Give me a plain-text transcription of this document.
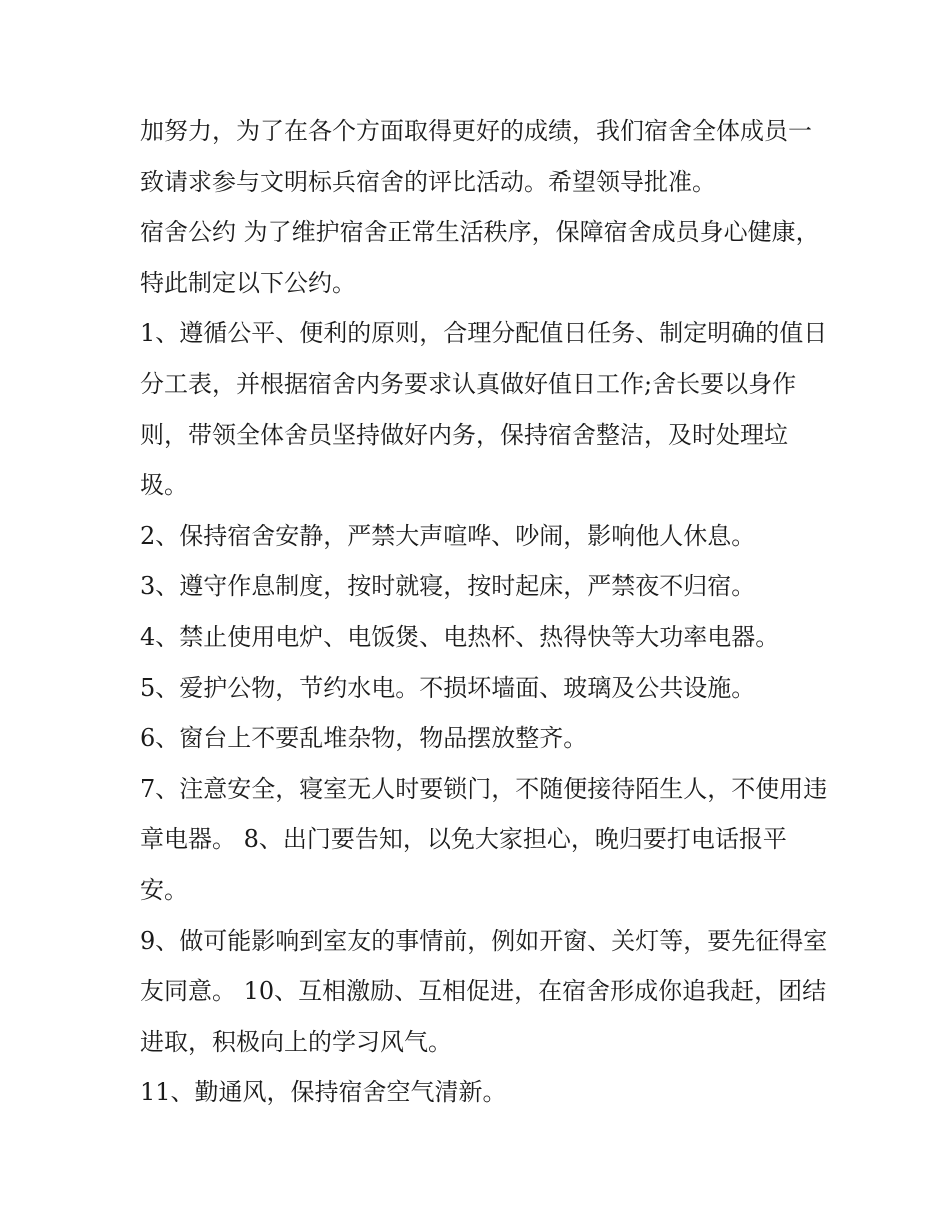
加努力，为了在各个方面取得更好的成绩，我们宿舍全体成员一致请求参与文明标兵宿舍的评比活动。希望领导批准。

宿舍公约 为了维护宿舍正常生活秩序，保障宿舍成员身心健康，特此制定以下公约。

1、遵循公平、便利的原则，合理分配值日任务、制定明确的值日分工表，并根据宿舍内务要求认真做好值日工作;舍长要以身作则，带领全体舍员坚持做好内务，保持宿舍整洁，及时处理垃圾。

2、保持宿舍安静，严禁大声喧哗、吵闹，影响他人休息。

3、遵守作息制度，按时就寝，按时起床，严禁夜不归宿。

4、禁止使用电炉、电饭煲、电热杯、热得快等大功率电器。

5、爱护公物，节约水电。不损坏墙面、玻璃及公共设施。

6、窗台上不要乱堆杂物，物品摆放整齐。

7、注意安全，寝室无人时要锁门，不随便接待陌生人，不使用违章电器。 8、出门要告知，以免大家担心，晚归要打电话报平安。

9、做可能影响到室友的事情前，例如开窗、关灯等，要先征得室友同意。 10、互相激励、互相促进，在宿舍形成你追我赶，团结进取，积极向上的学习风气。

11、勤通风，保持宿舍空气清新。
